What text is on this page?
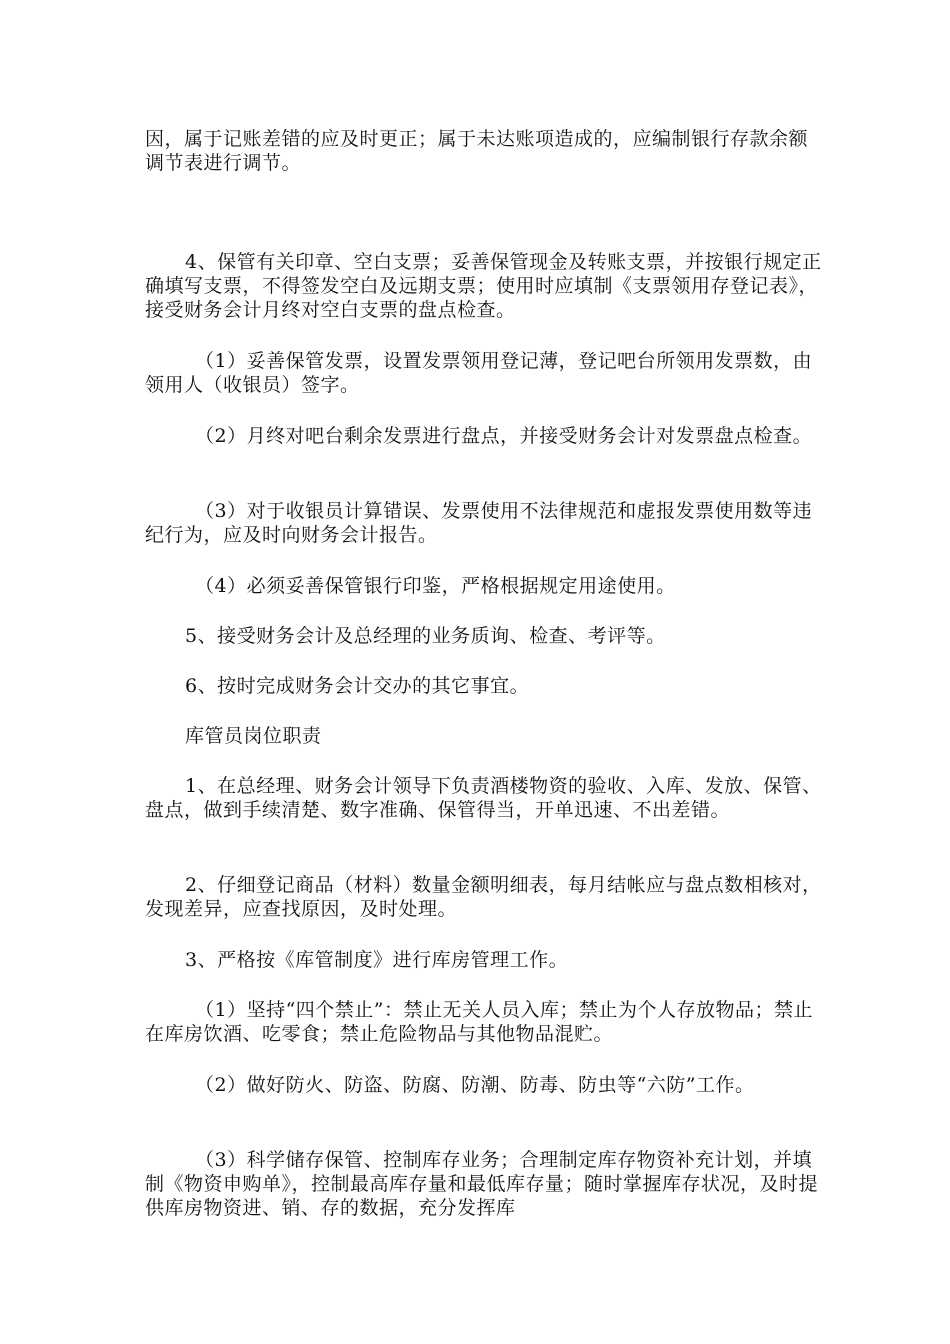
因，属于记账差错的应及时更正；属于未达账项造成的，应编制银行存款余额调节表进行调节。

4、保管有关印章、空白支票；妥善保管现金及转账支票，并按银行规定正确填写支票，不得签发空白及远期支票；使用时应填制《支票领用存登记表》，接受财务会计月终对空白支票的盘点检查。

（1）妥善保管发票，设置发票领用登记薄，登记吧台所领用发票数，由领用人（收银员）签字。

（2）月终对吧台剩余发票进行盘点，并接受财务会计对发票盘点检查。

（3）对于收银员计算错误、发票使用不法律规范和虚报发票使用数等违纪行为，应及时向财务会计报告。

（4）必须妥善保管银行印鉴，严格根据规定用途使用。

5、接受财务会计及总经理的业务质询、检查、考评等。

6、按时完成财务会计交办的其它事宜。

库管员岗位职责

1、在总经理、财务会计领导下负责酒楼物资的验收、入库、发放、保管、盘点，做到手续清楚、数字准确、保管得当，开单迅速、不出差错。

2、仔细登记商品（材料）数量金额明细表，每月结帐应与盘点数相核对，发现差异，应查找原因，及时处理。

3、严格按《库管制度》进行库房管理工作。

（1）坚持“四个禁止”：禁止无关人员入库；禁止为个人存放物品；禁止在库房饮酒、吃零食；禁止危险物品与其他物品混贮。

（2）做好防火、防盗、防腐、防潮、防毒、防虫等“六防”工作。

（3）科学储存保管、控制库存业务；合理制定库存物资补充计划，并填制《物资申购单》，控制最高库存量和最低库存量；随时掌握库存状况，及时提供库房物资进、销、存的数据，充分发挥库
